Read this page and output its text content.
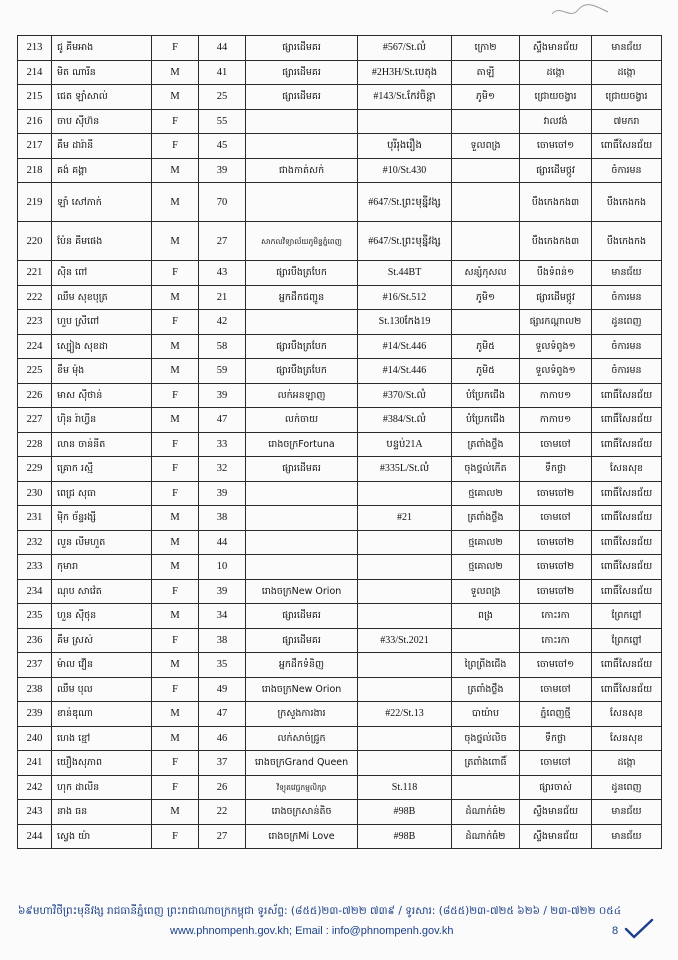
213	ជូ គីមអាង	F	44	ផ្សារដើមគរ	#567/St.លំ	ក្រោ២	ស្ទឹងមានជ័យ	មានជ័យ
214	មិត ណារីន	M	41	ផ្សារដើមគរ	#2H3H/St.បេតុង	តាឡី	ដង្កោ	ដង្កោ
215	ជេត ឡាំសាល់	M	25	ផ្សារដើមគរ	#143/St.កែវចិន្តា	ភូមិ១	ជ្រោយចង្វារ	ជ្រោយចង្វារ
216	ចាប ស៊ីហ៊ន	F	55				វាលវង់	៧មករា
217	គឹម ដារ៉ានី	F	45		បុរីរុងរឿង	ទួលពង្រ	ចោមចៅ១	ពោធិ៍សែនជ័យ
218	គង់ គង្គា	M	39	ជាងកាត់សក់	#10/St.430		ផ្សារដើមថ្កូវ	ចំការមន
219	ឡាំ សៅភាក់	M	70		#647/St.ព្រះមុន្នីវង្ស		បឹងកេងកង៣	បឹងកេងកង
220	ប៉ែន គីមផេង	M	27	សាកលវិទ្យាល័យភូមិន្ទភ្នំពេញ	#647/St.ព្រះមុន្នីវង្ស		បឹងកេងកង៣	បឹងកេងកង
221	ស៊ិន ពៅ	F	43	ផ្សារបឹងត្របែក	St.44BT	សន្សំកុសល	បឹងទំពន់១	មានជ័យ
222	ឈឹម សុខបុត្រ	M	21	អ្នកដឹកជញ្ជូន	#16/St.512	ភូមិ១	ផ្សារដើមថ្កូវ	ចំការមន
223	ហួប ស្រីពៅ	F	42		St.130កែង19		ផ្សារកណ្តាល២	ដូនពេញ
224	ស្បៀង សុខដា	M	58	ផ្សារបឹងត្របែក	#14/St.446	ភូមិ៥	ទួលទំពូង១	ចំការមន
225	ខឹម ម៉ុង	M	59	ផ្សារបឹងត្របែក	#14/St.446	ភូមិ៥	ទួលទំពូង១	ចំការមន
226	មាស ស៊ីថាន់	F	39	លក់អនឡាញ	#370/St.លំ	បំប្រែកជើង	កាកាប១	ពោធិ៍សែនជ័យ
227	ហ៊ិន រ៉ាហ្វីន	M	47	លក់ចាយ	#384/St.លំ	បំប្រែកជើង	កាកាប១	ពោធិ៍សែនជ័យ
228	លាន ចាន់នីត	F	33	រោងចក្រFortuna	បន្ទប់21A	ត្រពាំងថ្លឹង	ចោមចៅ	ពោធិ៍សែនជ័យ
229	គ្រោក រស្មី	F	32	ផ្សារដើមគរ	#335L/St.លំ	ចុងថ្នល់កើត	ទឹកថ្លា	សែនសុខ
230	ពេជ្រ សុធា	F	39			ថ្មគោល២	ចោមចៅ២	ពោធិ៍សែនជ័យ
231	ម៉ិក ច័ន្ទរង្សី	M	38		#21	ត្រពាំងថ្លឹង	ចោមចៅ	ពោធិ៍សែនជ័យ
232	លួន លីមហួត	M	44			ថ្មគោល២	ចោមចៅ២	ពោធិ៍សែនជ័យ
233	កុមារា	M	10			ថ្មគោល២	ចោមចៅ២	ពោធិ៍សែនជ័យ
234	ណុប សាវ៉េត	F	39	រោងចក្រNew Orion		ទួលពង្រ	ចោមចៅ២	ពោធិ៍សែនជ័យ
235	ហួន ស៊ីថុន	M	34	ផ្សារដើមគរ		ពង្រ	កោះរកា	ព្រែកព្នៅ
236	គឹម ស្រស់	F	38	ផ្សារដើមគរ	#33/St.2021		កោះរកា	ព្រែកព្នៅ
237	ម៉ាល វឿន	M	35	អ្នកដឹកទំនិញ		ព្រៃព្រីងជើង	ចោមចៅ១	ពោធិ៍សែនជ័យ
238	ឈឹម បុល	F	49	រោងចក្រNew Orion		ត្រពាំងថ្លឹង	ចោមចៅ	ពោធិ៍សែនជ័យ
239	ខាន់ឌុណា	M	47	ក្រសួងការងារ	#22/St.13	បាយ៉ាប	ភ្នំពេញថ្មី	សែនសុខ
240	ហេង ខ្មៅ	M	46	លក់សាច់ជ្រូក		ចុងថ្នល់លិច	ទឹកថ្លា	សែនសុខ
241	យឿងសុភាព	F	37	រោងចក្រGrand Queen		ត្រពាំងពោធិ៍	ចោមចៅ	ដង្កោ
242	ហុក ដាលីន	F	26	វិទ្យុតវេជ្ជកម្មលិក្សា	St.118		ផ្សារចាស់	ដូនពេញ
243	នាង ធន	M	22	រោងចក្រសាន់តិច	#98B	ដំណាក់ធំ២	ស្ទឹងមានជ័យ	មានជ័យ
244	ស្វេង យ៉ា	F	27	រោងចក្រMi Love	#98B	ដំណាក់ធំ២	ស្ទឹងមានជ័យ	មានជ័យ
៦៩មហាវិថីព្រះមុនីវង្ស រាជធានីភ្នំពេញ ព្រះរាជាណាចក្រកម្ពុជា ទូរស័ព្ទ: (៨៥៥)២៣-៧២២ ៧៣៩ / ទូរសារ: (៨៥៥)២៣-៧២៥ ៦២៦ / ២៣-៧២២ ០៥៤
www.phnompenh.gov.kh; Email : info@phnompenh.gov.kh	8
